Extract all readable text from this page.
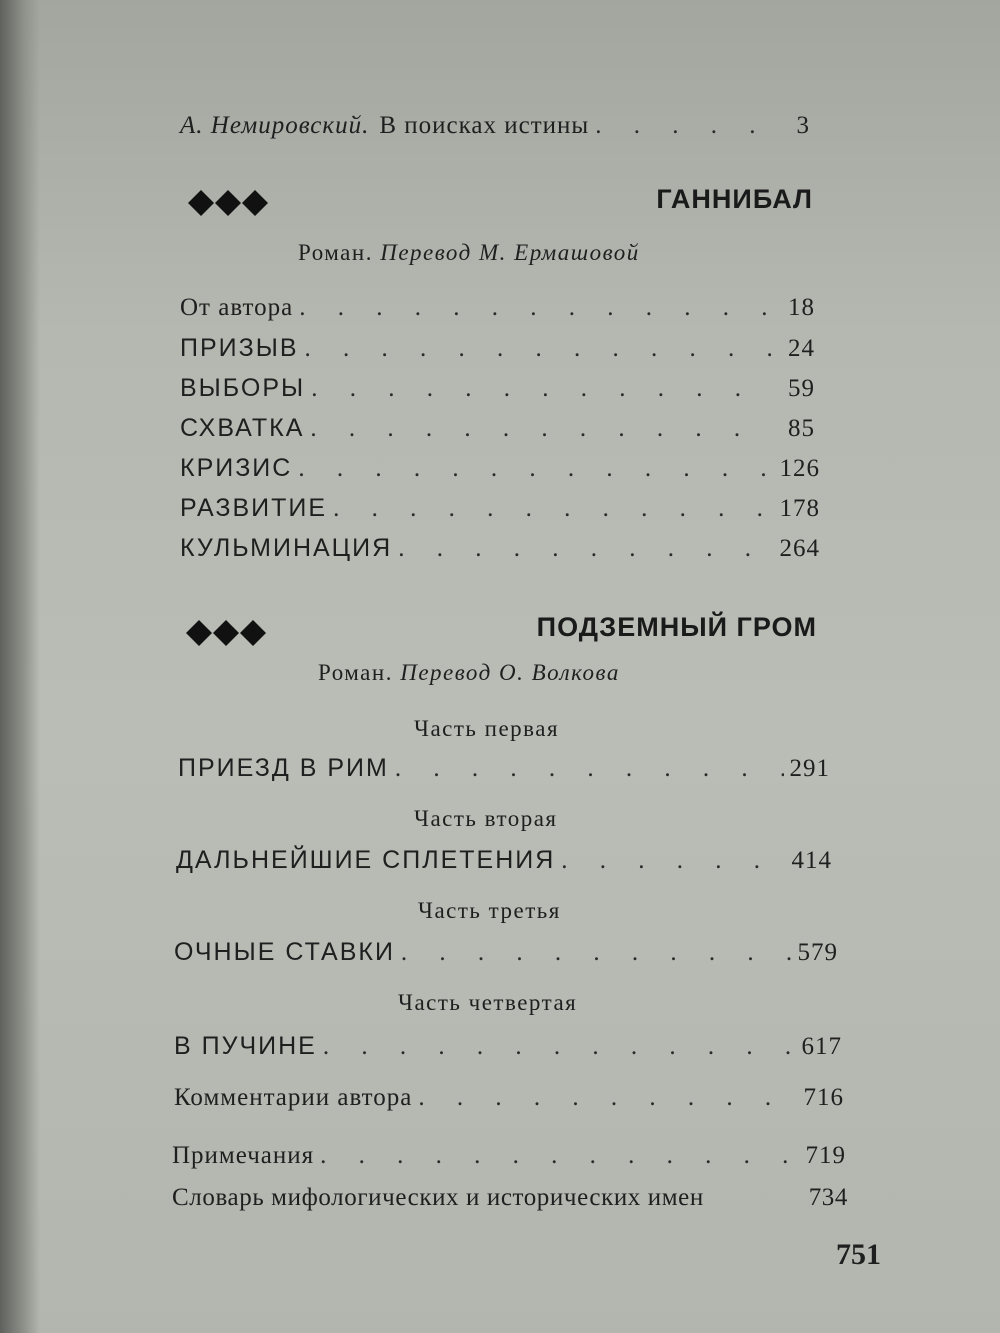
А. Немировский. В поисках истины . . .	3
ГАННИБАЛ
Роман. Перевод М. Ермашовой
От автора . . .	18
ПРИЗЫВ . . .	24
ВЫБОРЫ . . .	59
СХВАТКА . . .	85
КРИЗИС . . .	126
РАЗВИТИЕ . . .	178
КУЛЬМИНАЦИЯ . . .	264
ПОДЗЕМНЫЙ ГРОМ
Роман. Перевод О. Волкова
Часть первая
ПРИЕЗД В РИМ . . .	291
Часть вторая
ДАЛЬНЕЙШИЕ СПЛЕТЕНИЯ . . .	414
Часть третья
ОЧНЫЕ СТАВКИ . . .	579
Часть четвертая
В ПУЧИНЕ . . .	617
Комментарии автора . . .	716
Примечания . . .	719
Словарь мифологических и исторических имен	734
751
